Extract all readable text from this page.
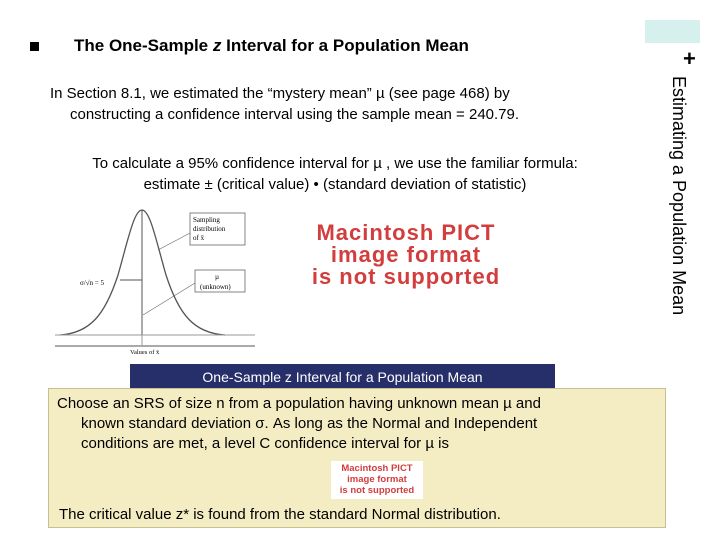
The One-Sample z Interval for a Population Mean
+
Estimating a Population Mean
In Section 8.1, we estimated the “mystery mean” µ (see page 468) by
constructing a confidence interval using the sample mean = 240.79.
To calculate a 95% confidence interval for µ , we use the familiar formula:
estimate ± (critical value) • (standard deviation of statistic)
Sampling
distribution
of x̄
σ/√n = 5
µ
(unknown)
Values of x̄
Macintosh PICT
image format
is not supported
One-Sample z Interval for a Population Mean
Choose an SRS of size n from a population having unknown mean µ and
known standard deviation σ. As long as the Normal and Independent
conditions are met, a level C confidence interval for µ is
Macintosh PICT
image format
is not supported
The critical value z* is found from the standard Normal distribution.
